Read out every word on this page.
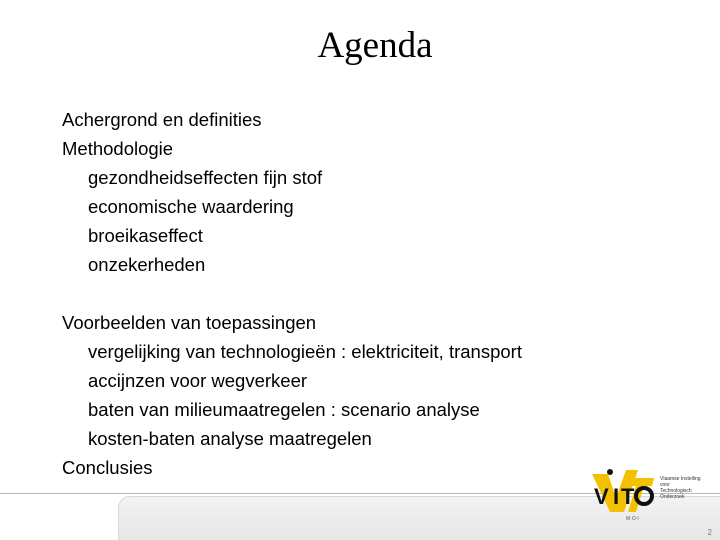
Agenda
Achergrond en definities
Methodologie
gezondheidseffecten fijn stof
economische waardering
broeikaseffect
onzekerheden
Voorbeelden van toepassingen
vergelijking van technologieën : elektriciteit, transport
accijnzen voor wegverkeer
baten van milieumaatregelen : scenario analyse
kosten-baten analyse maatregelen
Conclusies
V I T
M·O·I
Vlaamse Instelling voor Technologisch Onderzoek
2
